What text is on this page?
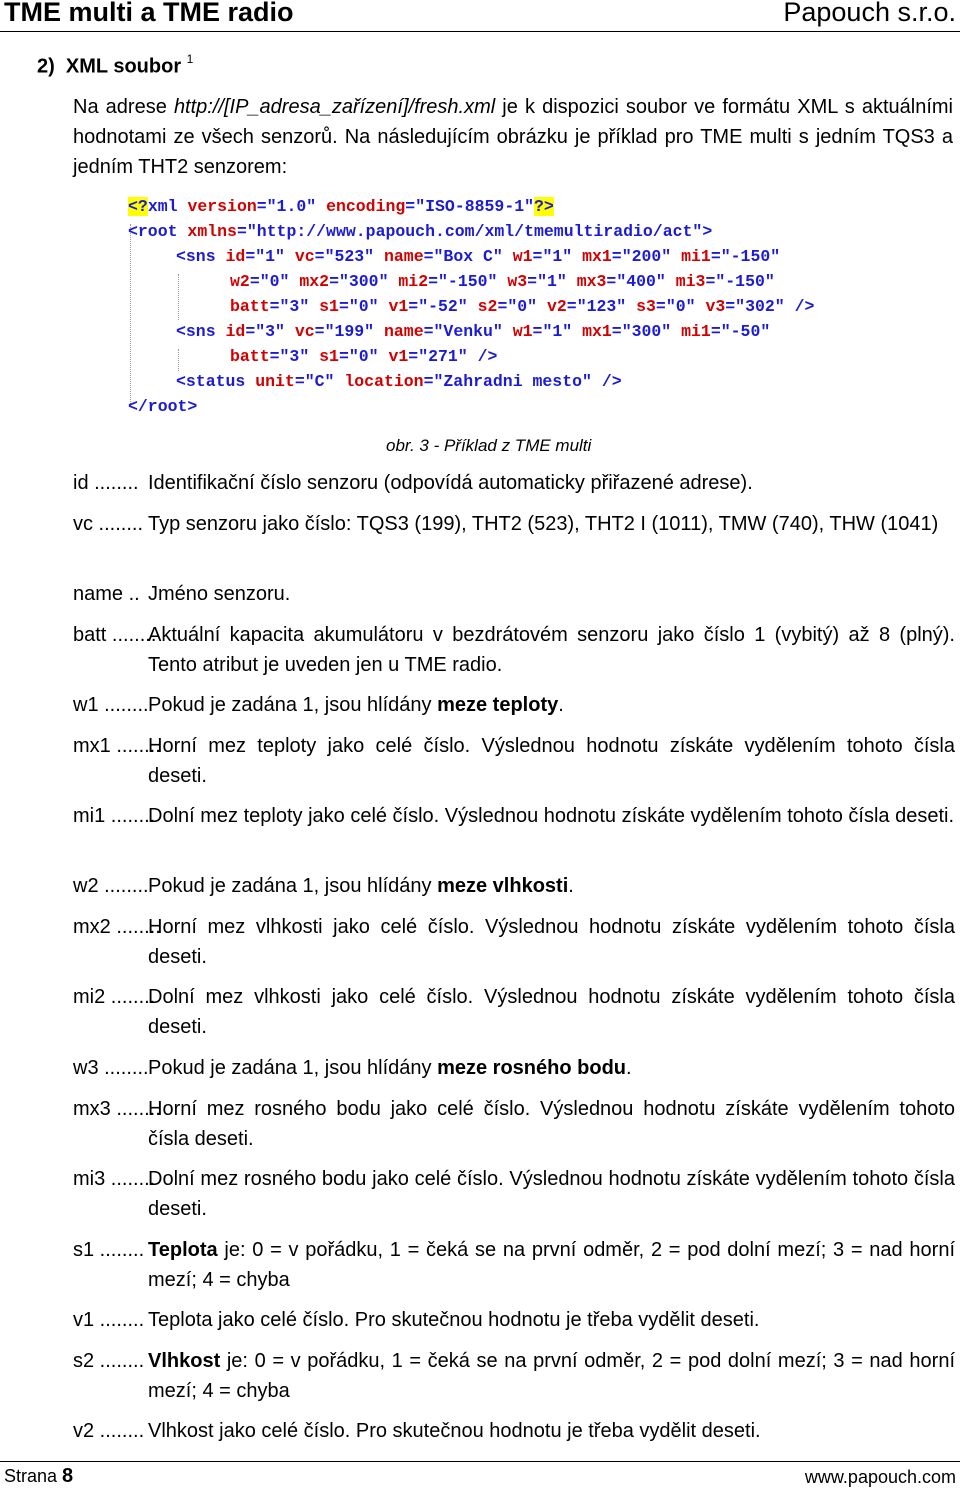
TME multi a TME radio	Papouch s.r.o.
2) XML soubor $^1$
Na adrese http://[IP_adresa_zařízení]/fresh.xml je k dispozici soubor ve formátu XML s aktuálními hodnotami ze všech senzorů. Na následujícím obrázku je příklad pro TME multi s jedním TQS3 a jedním THT2 senzorem:
<?xml version="1.0" encoding="ISO-8859-1"?>
<root xmlns="http://www.papouch.com/xml/tmemultiradio/act">
<sns id="1" vc="523" name="Box C" w1="1" mx1="200" mi1="-150"
w2="0" mx2="300" mi2="-150" w3="1" mx3="400" mi3="-150"
batt="3" s1="0" v1="-52" s2="0" v2="123" s3="0" v3="302" />
<sns id="3" vc="199" name="Venku" w1="1" mx1="300" mi1="-50"
batt="3" s1="0" v1="271" />
<status unit="C" location="Zahradni mesto" />
</root>
obr. 3 - Příklad z TME multi
id ........ Identifikační číslo senzoru (odpovídá automaticky přiřazené adrese).
vc ........ Typ senzoru jako číslo: TQS3 (199), THT2 (523), THT2 I (1011), TMW (740), THW (1041)
name .. Jméno senzoru.
batt ........
Aktuální kapacita akumulátoru v bezdrátovém senzoru jako číslo 1 (vybitý) až 8 (plný). Tento atribut je uveden jen u TME radio.
w1 ........ Pokud je zadána 1, jsou hlídány meze teploty.
mx1 ........
Horní mez teploty jako celé číslo. Výslednou hodnotu získáte vydělením tohoto čísla deseti.
mi1 ........
Dolní mez teploty jako celé číslo. Výslednou hodnotu získáte vydělením tohoto čísla deseti.
w2 ........ Pokud je zadána 1, jsou hlídány meze vlhkosti.
mx2 ........
Horní mez vlhkosti jako celé číslo. Výslednou hodnotu získáte vydělením tohoto čísla deseti.
mi2 ........
Dolní mez vlhkosti jako celé číslo. Výslednou hodnotu získáte vydělením tohoto čísla deseti.
w3 ........ Pokud je zadána 1, jsou hlídány meze rosného bodu.
mx3 ........
Horní mez rosného bodu jako celé číslo. Výslednou hodnotu získáte vydělením tohoto čísla deseti.
mi3 ........
Dolní mez rosného bodu jako celé číslo. Výslednou hodnotu získáte vydělením tohoto čísla deseti.
s1 ........ Teplota je: 0 = v pořádku, 1 = čeká se na první odměr, 2 = pod dolní mezí; 3 = nad horní mezí; 4 = chyba
v1 ........ Teplota jako celé číslo. Pro skutečnou hodnotu je třeba vydělit deseti.
s2 ........ Vlhkost je: 0 = v pořádku, 1 = čeká se na první odměr, 2 = pod dolní mezí; 3 = nad horní mezí; 4 = chyba
v2 ........ Vlhkost jako celé číslo. Pro skutečnou hodnotu je třeba vydělit deseti.
Strana 8	www.papouch.com
